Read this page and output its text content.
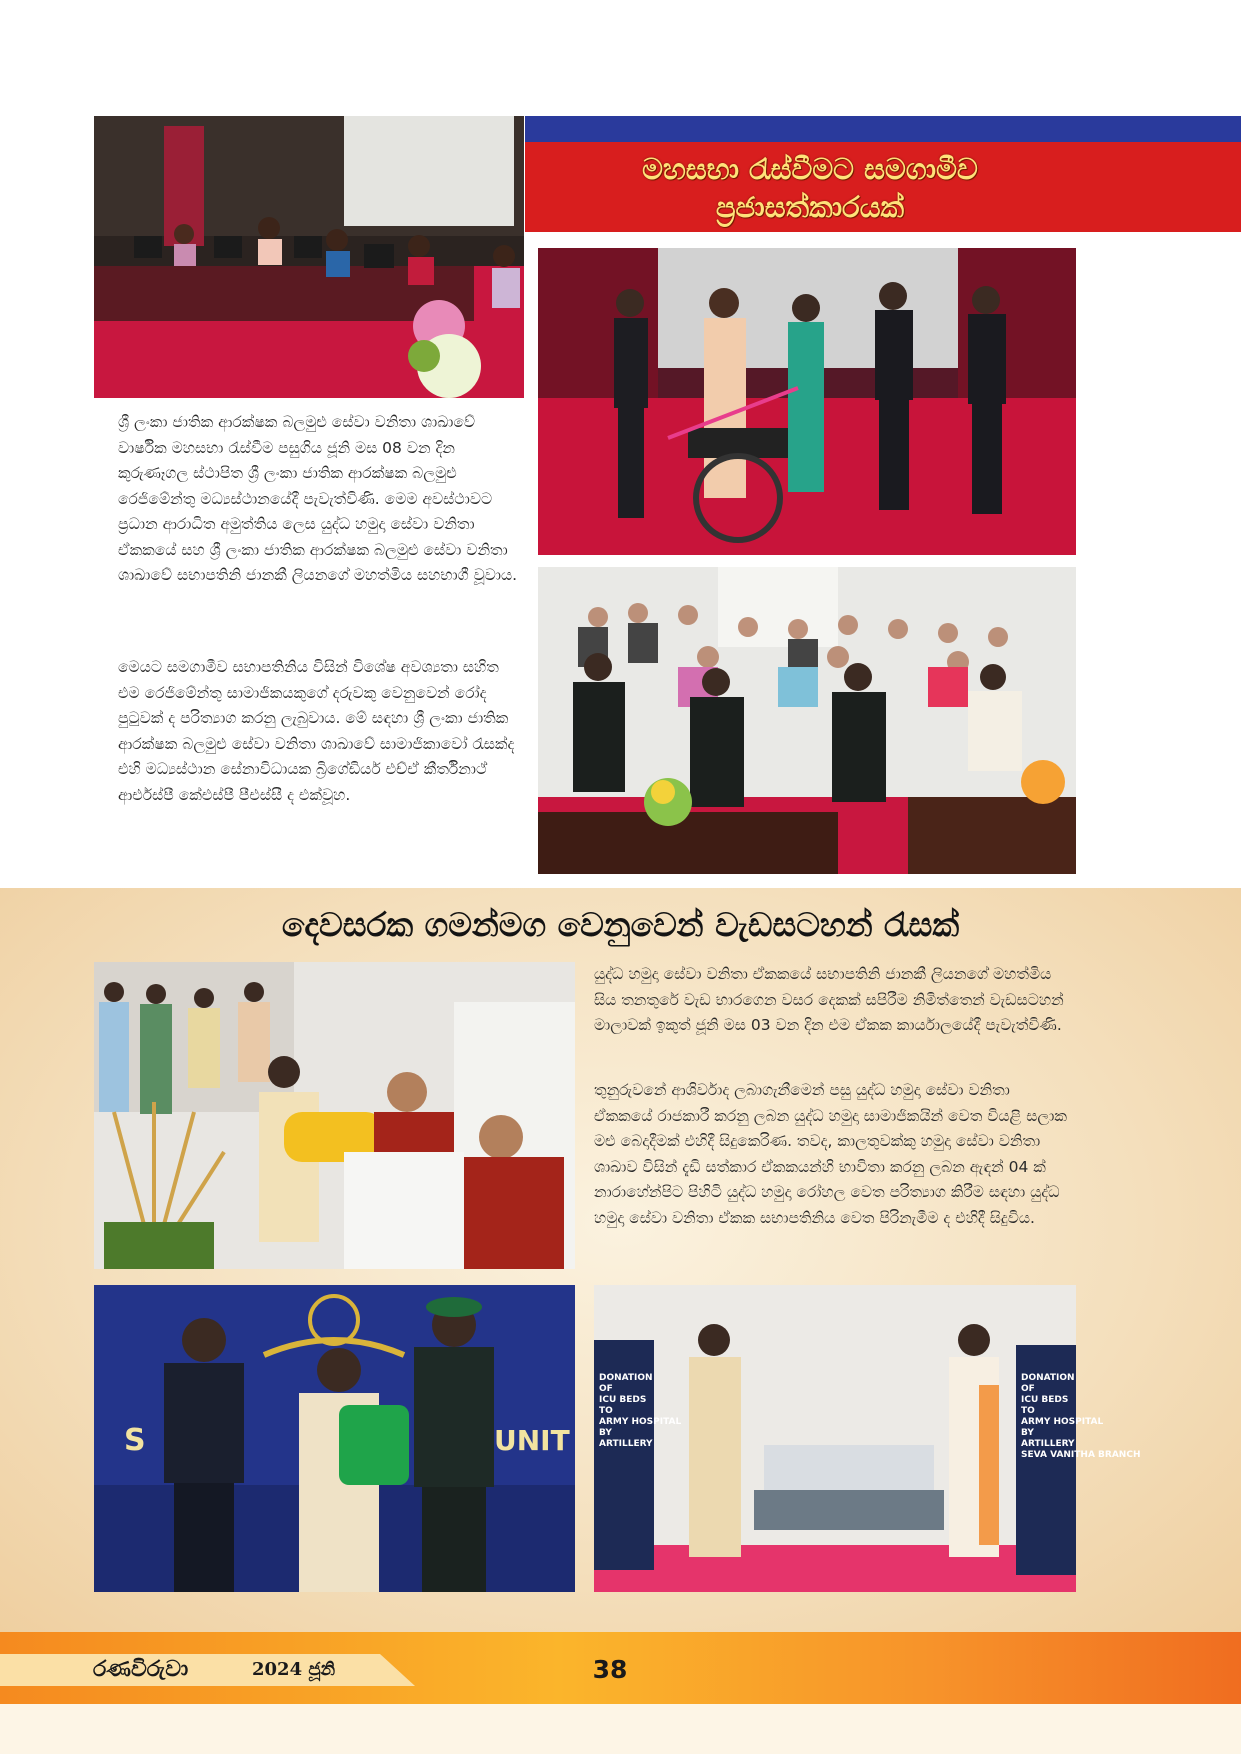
මහසභා රැස්වීමට සමගාමීව ප්‍රජාසත්කාරයක්

ශ්‍රී ලංකා ජාතික ආරක්ෂක බලමුළු සේවා වනිතා ශාඛාවේ වාර්ෂික මහසභා රැස්වීම පසුගිය ජූනි මස 08 වන දින කුරුණෑගල ස්ථාපිත ශ්‍රී ලංකා ජාතික ආරක්ෂක බලමුළු රෙජිමේන්තු මධ්‍යස්ථානයේදී පැවැත්විණි. මෙම අවස්ථාවට ප්‍රධාන ආරාධිත අමුත්තිය ලෙස යුද්ධ හමුදා සේවා වනිතා ඒකකයේ සහ ශ්‍රී ලංකා ජාතික ආරක්ෂක බලමුළු සේවා වනිතා ශාඛාවේ සභාපතිනි ජානකී ලියනගේ මහත්මිය සහභාගී වූවාය.

මෙයට සමගාමීව සභාපතිනිය විසින් විශේෂ අවශ්‍යතා සහිත එම රෙජිමේන්තු සාමාජිකයකුගේ දරුවකු වෙනුවෙන් රෝද පුටුවක් ද පරිත්‍යාග කරනු ලැබුවාය. මේ සඳහා ශ්‍රී ලංකා ජාතික ආරක්ෂක බලමුළු සේවා වනිතා ශාඛාවේ සාමාජිකාවෝ රැසක්ද එහි මධ්‍යස්ථාන සේනාවිධායක බ්‍රිගේඩියර් එච්ඒ කීර්තිනාථ් ආර්එස්පී කේඑස්පී පීඑස්සී ද එක්වූහ.

දෙවසරක ගමන්මග වෙනුවෙන් වැඩසටහන් රැසක්

යුද්ධ හමුදා සේවා වනිතා ඒකකයේ සභාපතිනි ජානකී ලියනගේ මහත්මිය සිය තනතුරේ වැඩ භාරගෙන වසර දෙකක් සපිරීම නිමිත්තෙන් වැඩසටහන් මාලාවක් ඉකුත් ජූනි මස 03 වන දින එම ඒකක කාර්යාලයේදී පැවැත්විණි.

තුනුරුවනේ ආශිර්වාද ලබාගැනීමෙන් පසු යුද්ධ හමුදා සේවා වනිතා ඒකකයේ රාජකාරී කරනු ලබන යුද්ධ හමුදා සාමාජිකයින් වෙත වියළි සලාක මළු බෙදාදීමක් එහිදී සිදුකෙරිණ. තවද, කාලතුවක්කු හමුදා සේවා වනිතා ශාඛාව විසින් දැඩි සත්කාර ඒකකයන්හි භාවිතා කරනු ලබන ඇඳන් 04 ක් නාරාහේන්පිට පිහිටි යුද්ධ හමුදා රෝහල වෙත පරිත්‍යාග කිරීම සඳහා යුද්ධ හමුදා සේවා වනිතා ඒකක සභාපතිනිය වෙත පිරිනැමීම ද එහිදී සිදුවිය.

S	UNIT
DONATION
OF
ICU BEDS
TO
ARMY HOSPITAL
BY
ARTILLERY
DONATION
OF
ICU BEDS
TO
ARMY HOSPITAL
BY
ARTILLERY
SEVA VANITHA BRANCH
රණවිරුවා	2024 ජූනි	38
